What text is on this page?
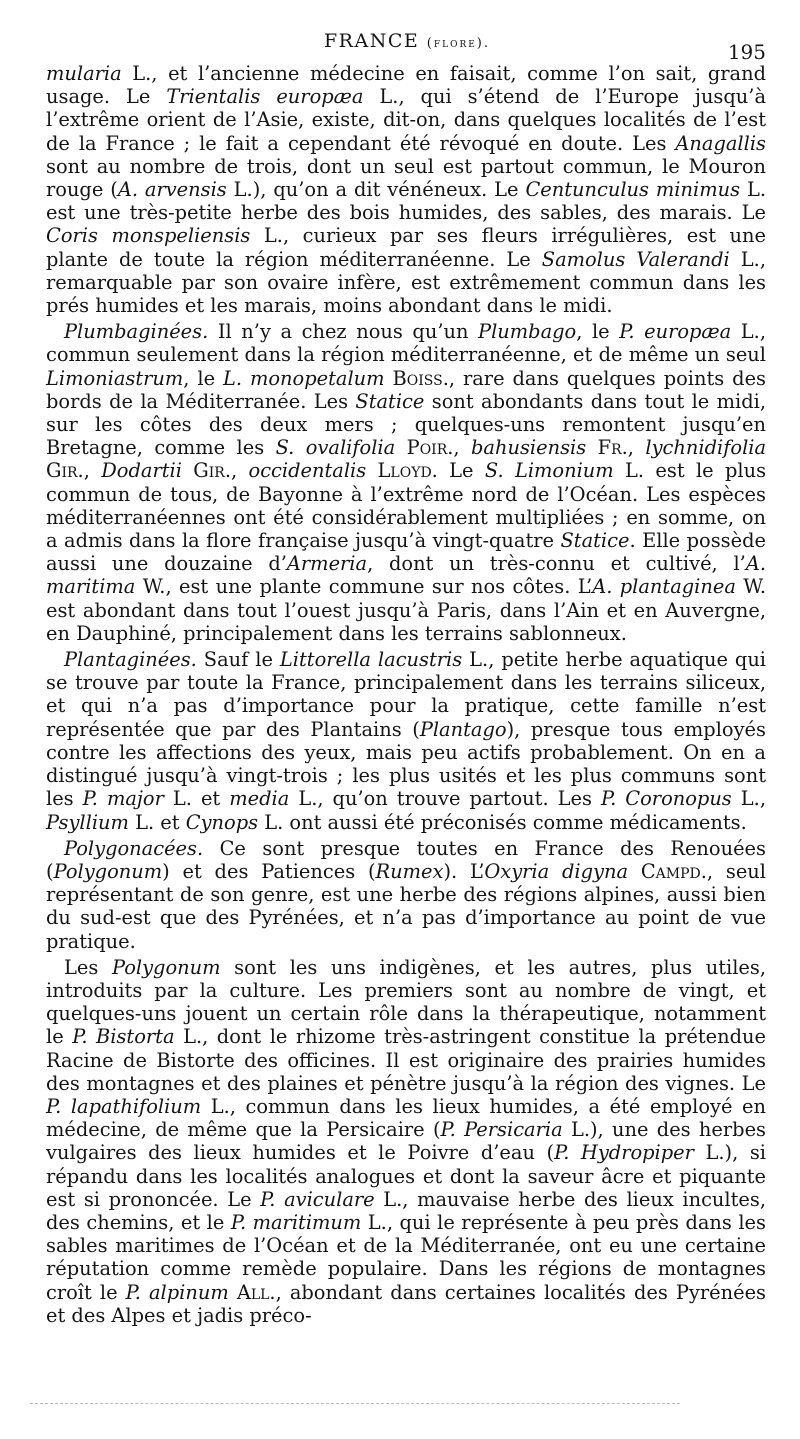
FRANCE (flore).	195

mularia L., et l’ancienne médecine en faisait, comme l’on sait, grand usage. Le Trientalis europæa L., qui s’étend de l’Europe jusqu’à l’extrême orient de l’Asie, existe, dit-on, dans quelques localités de l’est de la France ; le fait a cependant été révoqué en doute. Les Anagallis sont au nombre de trois, dont un seul est partout commun, le Mouron rouge (A. arvensis L.), qu’on a dit vénéneux. Le Centunculus minimus L. est une très-petite herbe des bois humides, des sables, des marais. Le Coris monspeliensis L., curieux par ses fleurs irrégulières, est une plante de toute la région méditerranéenne. Le Samolus Valerandi L., remarquable par son ovaire infère, est extrêmement commun dans les prés humides et les marais, moins abondant dans le midi.

Plumbaginées. Il n’y a chez nous qu’un Plumbago, le P. europæa L., commun seulement dans la région méditerranéenne, et de même un seul Limoniastrum, le L. monopetalum Boiss., rare dans quelques points des bords de la Méditerranée. Les Statice sont abondants dans tout le midi, sur les côtes des deux mers ; quelques-uns remontent jusqu’en Bretagne, comme les S. ovalifolia Poir., bahusiensis Fr., lychnidifolia Gir., Dodartii Gir., occidentalis Lloyd. Le S. Limonium L. est le plus commun de tous, de Bayonne à l’extrême nord de l’Océan. Les espèces méditerranéennes ont été considérablement multipliées ; en somme, on a admis dans la flore française jusqu’à vingt-quatre Statice. Elle possède aussi une douzaine d’Armeria, dont un très-connu et cultivé, l’A. maritima W., est une plante commune sur nos côtes. L’A. plantaginea W. est abondant dans tout l’ouest jusqu’à Paris, dans l’Ain et en Auvergne, en Dauphiné, principalement dans les terrains sablonneux.

Plantaginées. Sauf le Littorella lacustris L., petite herbe aquatique qui se trouve par toute la France, principalement dans les terrains siliceux, et qui n’a pas d’importance pour la pratique, cette famille n’est représentée que par des Plantains (Plantago), presque tous employés contre les affections des yeux, mais peu actifs probablement. On en a distingué jusqu’à vingt-trois ; les plus usités et les plus communs sont les P. major L. et media L., qu’on trouve partout. Les P. Coronopus L., Psyllium L. et Cynops L. ont aussi été préconisés comme médicaments.

Polygonacées. Ce sont presque toutes en France des Renouées (Polygonum) et des Patiences (Rumex). L’Oxyria digyna Campd., seul représentant de son genre, est une herbe des régions alpines, aussi bien du sud-est que des Pyrénées, et n’a pas d’importance au point de vue pratique.

Les Polygonum sont les uns indigènes, et les autres, plus utiles, introduits par la culture. Les premiers sont au nombre de vingt, et quelques-uns jouent un certain rôle dans la thérapeutique, notamment le P. Bistorta L., dont le rhizome très-astringent constitue la prétendue Racine de Bistorte des officines. Il est originaire des prairies humides des montagnes et des plaines et pénètre jusqu’à la région des vignes. Le P. lapathifolium L., commun dans les lieux humides, a été employé en médecine, de même que la Persicaire (P. Persicaria L.), une des herbes vulgaires des lieux humides et le Poivre d’eau (P. Hydropiper L.), si répandu dans les localités analogues et dont la saveur âcre et piquante est si prononcée. Le P. aviculare L., mauvaise herbe des lieux incultes, des chemins, et le P. maritimum L., qui le représente à peu près dans les sables maritimes de l’Océan et de la Méditerranée, ont eu une certaine réputation comme remède populaire. Dans les régions de montagnes croît le P. alpinum All., abondant dans certaines localités des Pyrénées et des Alpes et jadis préco-
